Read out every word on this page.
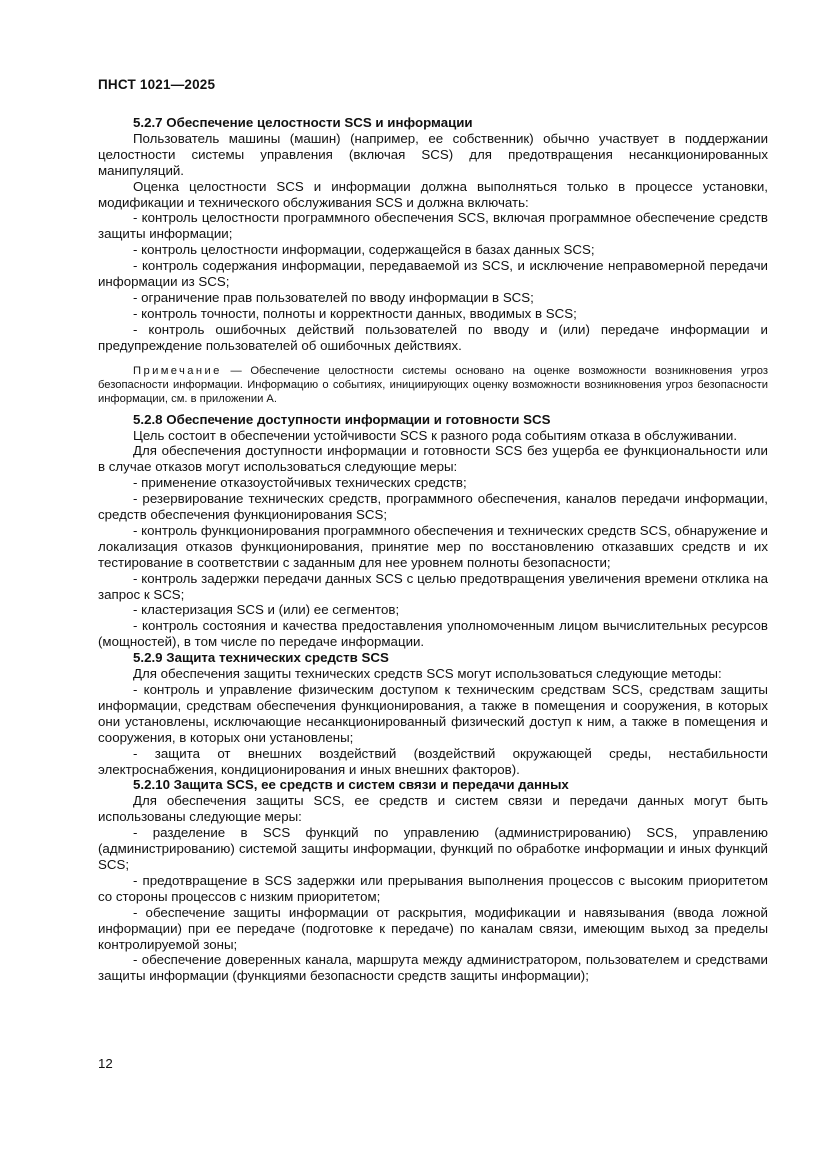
ПНСТ 1021—2025
5.2.7 Обеспечение целостности SCS и информации

Пользователь машины (машин) (например, ее собственник) обычно участвует в поддержании целостности системы управления (включая SCS) для предотвращения несанкционированных манипуляций.

Оценка целостности SCS и информации должна выполняться только в процессе установки, модификации и технического обслуживания SCS и должна включать:

- контроль целостности программного обеспечения SCS, включая программное обеспечение средств защиты информации;

- контроль целостности информации, содержащейся в базах данных SCS;

- контроль содержания информации, передаваемой из SCS, и исключение неправомерной передачи информации из SCS;

- ограничение прав пользователей по вводу информации в SCS;

- контроль точности, полноты и корректности данных, вводимых в SCS;

- контроль ошибочных действий пользователей по вводу и (или) передаче информации и предупреждение пользователей об ошибочных действиях.

Примечание — Обеспечение целостности системы основано на оценке возможности возникновения угроз безопасности информации. Информацию о событиях, инициирующих оценку возможности возникновения угроз безопасности информации, см. в приложении А.

5.2.8 Обеспечение доступности информации и готовности SCS

Цель состоит в обеспечении устойчивости SCS к разного рода событиям отказа в обслуживании.

Для обеспечения доступности информации и готовности SCS без ущерба ее функциональности или в случае отказов могут использоваться следующие меры:

- применение отказоустойчивых технических средств;

- резервирование технических средств, программного обеспечения, каналов передачи информации, средств обеспечения функционирования SCS;

- контроль функционирования программного обеспечения и технических средств SCS, обнаружение и локализация отказов функционирования, принятие мер по восстановлению отказавших средств и их тестирование в соответствии с заданным для нее уровнем полноты безопасности;

- контроль задержки передачи данных SCS с целью предотвращения увеличения времени отклика на запрос к SCS;

- кластеризация SCS и (или) ее сегментов;

- контроль состояния и качества предоставления уполномоченным лицом вычислительных ресурсов (мощностей), в том числе по передаче информации.

5.2.9 Защита технических средств SCS

Для обеспечения защиты технических средств SCS могут использоваться следующие методы:

- контроль и управление физическим доступом к техническим средствам SCS, средствам защиты информации, средствам обеспечения функционирования, а также в помещения и сооружения, в которых они установлены, исключающие несанкционированный физический доступ к ним, а также в помещения и сооружения, в которых они установлены;

- защита от внешних воздействий (воздействий окружающей среды, нестабильности электроснабжения, кондиционирования и иных внешних факторов).

5.2.10 Защита SCS, ее средств и систем связи и передачи данных

Для обеспечения защиты SCS, ее средств и систем связи и передачи данных могут быть использованы следующие меры:

- разделение в SCS функций по управлению (администрированию) SCS, управлению (администрированию) системой защиты информации, функций по обработке информации и иных функций SCS;

- предотвращение в SCS задержки или прерывания выполнения процессов с высоким приоритетом со стороны процессов с низким приоритетом;

- обеспечение защиты информации от раскрытия, модификации и навязывания (ввода ложной информации) при ее передаче (подготовке к передаче) по каналам связи, имеющим выход за пределы контролируемой зоны;

- обеспечение доверенных канала, маршрута между администратором, пользователем и средствами защиты информации (функциями безопасности средств защиты информации);

12
